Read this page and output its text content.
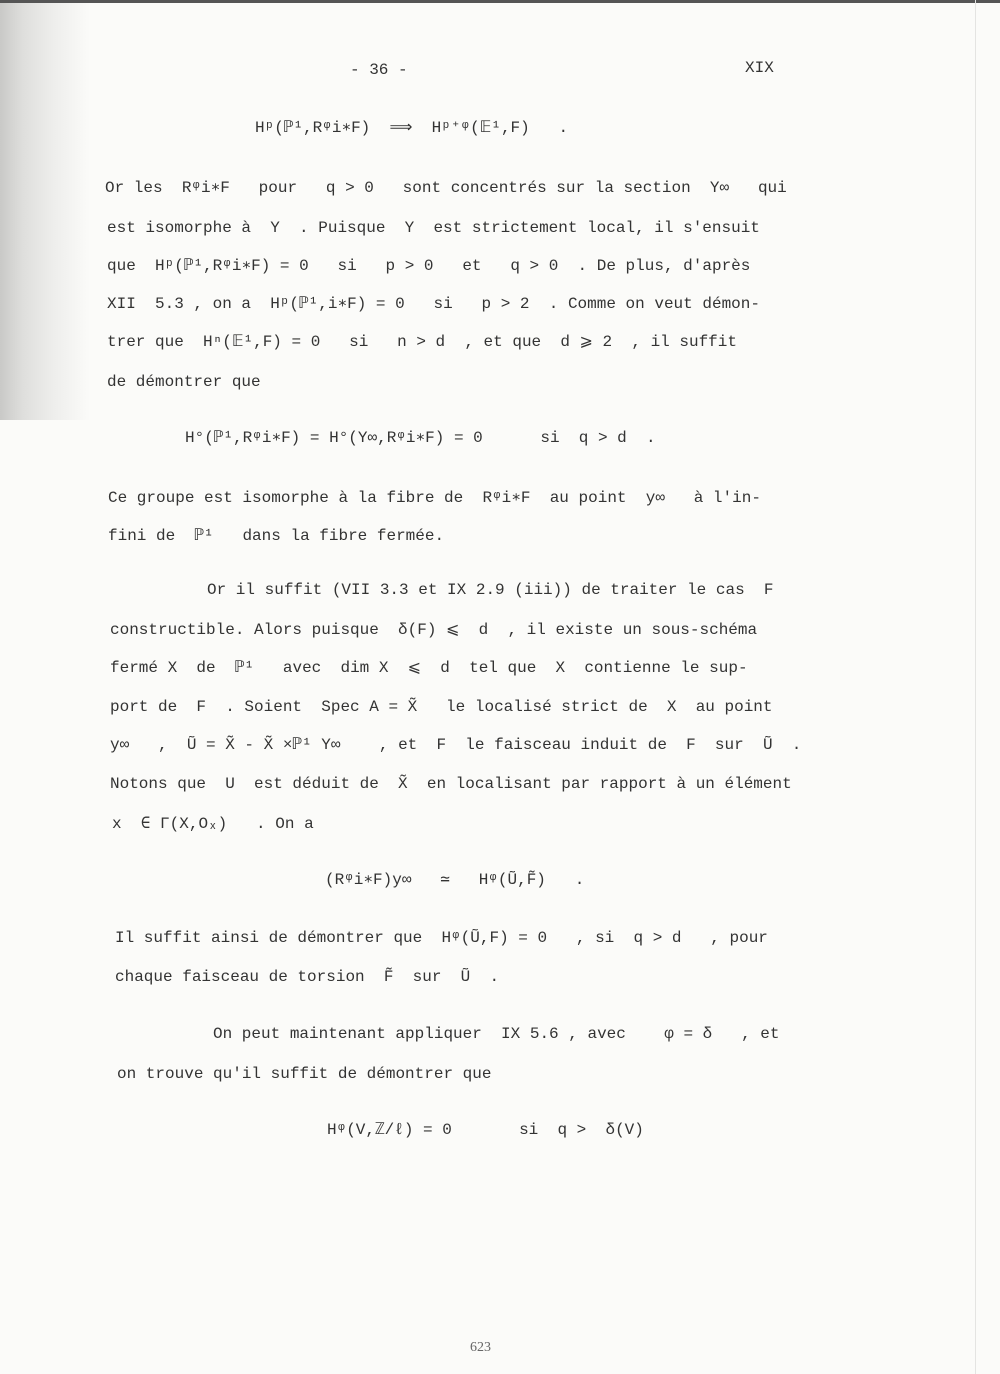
- 36 -	XIX
Hᵖ(ℙ¹,Rᵠi∗F)  ⟹  Hᵖ⁺ᵠ(𝔼¹,F)   .
Or les  Rᵠi∗F   pour   q > 0   sont concentrés sur la section  Y∞   qui
est isomorphe à  Y  . Puisque  Y  est strictement local, il s'ensuit
que  Hᵖ(ℙ¹,Rᵠi∗F) = 0   si   p > 0   et   q > 0  . De plus, d'après
XII  5.3 , on a  Hᵖ(ℙ¹,i∗F) = 0   si   p > 2  . Comme on veut démon-
trer que  Hⁿ(𝔼¹,F) = 0   si   n > d  , et que  d ⩾ 2  , il suffit
de démontrer que
H°(ℙ¹,Rᵠi∗F) = H°(Y∞,Rᵠi∗F) = 0      si  q > d  .
Ce groupe est isomorphe à la fibre de  Rᵠi∗F  au point  y∞   à l'in-
fini de  ℙ¹   dans la fibre fermée.
Or il suffit (VII 3.3 et IX 2.9 (iii)) de traiter le cas  F
constructible. Alors puisque  δ(F) ⩽  d  , il existe un sous-schéma
fermé X  de  ℙ¹   avec  dim X  ⩽  d  tel que  X  contienne le sup-
port de  F  . Soient  Spec A = X̃   le localisé strict de  X  au point
y∞   ,  Ũ = X̃ - X̃ ×ℙ¹ Y∞    , et  F  le faisceau induit de  F  sur  Ũ  .
Notons que  U  est déduit de  X̃  en localisant par rapport à un élément
x  ∈ Γ(X,Oₓ)   . On a
(Rᵠi∗F)y∞   ≃   Hᵠ(Ũ,F̃)   .
Il suffit ainsi de démontrer que  Hᵠ(Ũ,F) = 0   , si  q > d   , pour
chaque faisceau de torsion  F̃  sur  Ũ  .
On peut maintenant appliquer  IX 5.6 , avec    φ = δ   , et
on trouve qu'il suffit de démontrer que
Hᵠ(V,ℤ/ℓ) = 0       si  q >  δ(V)
623
